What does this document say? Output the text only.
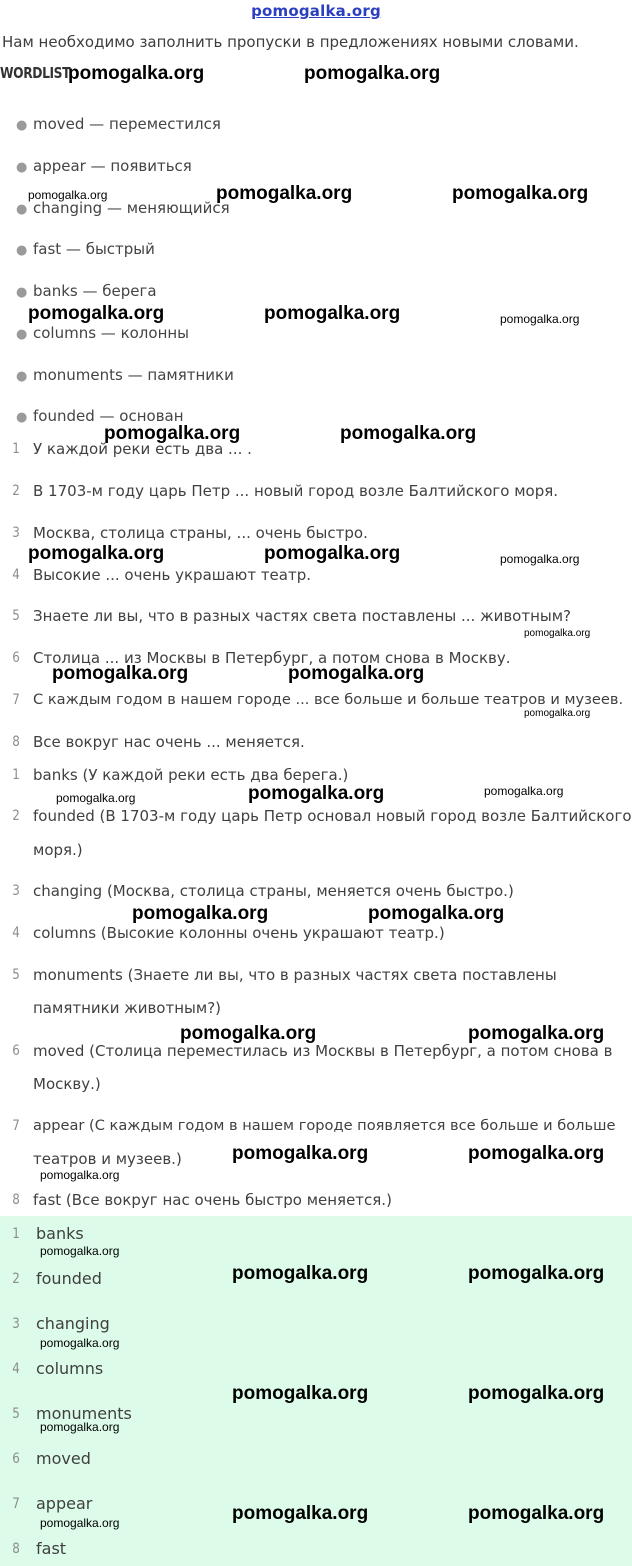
pomogalka.org
Нам необходимо заполнить пропуски в предложениях новыми словами.
WORDLIST
● moved — переместился
● appear — появиться
● changing — меняющийся
● fast — быстрый
● banks — берега
● columns — колонны
● monuments — памятники
● founded — основан
1 У каждой реки есть два ... .
2 В 1703-м году царь Петр ... новый город возле Балтийского моря.
3 Москва, столица страны, ... очень быстро.
4 Высокие ... очень украшают театр.
5 Знаете ли вы, что в разных частях света поставлены ... животным?
6 Столица ... из Москвы в Петербург, а потом снова в Москву.
7 С каждым годом в нашем городе ... все больше и больше театров и музеев.
8 Все вокруг нас очень ... меняется.
1 banks (У каждой реки есть два берега.)
2 founded (В 1703-м году царь Петр основал новый город возле Балтийского
моря.)
3 changing (Москва, столица страны, меняется очень быстро.)
4 columns (Высокие колонны очень украшают театр.)
5 monuments (Знаете ли вы, что в разных частях света поставлены
памятники животным?)
6 moved (Столица переместилась из Москвы в Петербург, а потом снова в
Москву.)
7 appear (С каждым годом в нашем городе появляется все больше и больше
театров и музеев.)
8 fast (Все вокруг нас очень быстро меняется.)
1 banks
2 founded
3 changing
4 columns
5 monuments
6 moved
7 appear
8 fast
pomogalka.org	pomogalka.org
pomogalka.org	pomogalka.org	pomogalka.org
pomogalka.org	pomogalka.org	pomogalka.org
pomogalka.org	pomogalka.org
pomogalka.org	pomogalka.org	pomogalka.org
pomogalka.org
pomogalka.org	pomogalka.org
pomogalka.org
pomogalka.org	pomogalka.org	pomogalka.org
pomogalka.org	pomogalka.org
pomogalka.org	pomogalka.org
pomogalka.org
pomogalka.org	pomogalka.org
pomogalka.org
pomogalka.org	pomogalka.org
pomogalka.org
pomogalka.org	pomogalka.org
pomogalka.org
pomogalka.org	pomogalka.org	pomogalka.org
